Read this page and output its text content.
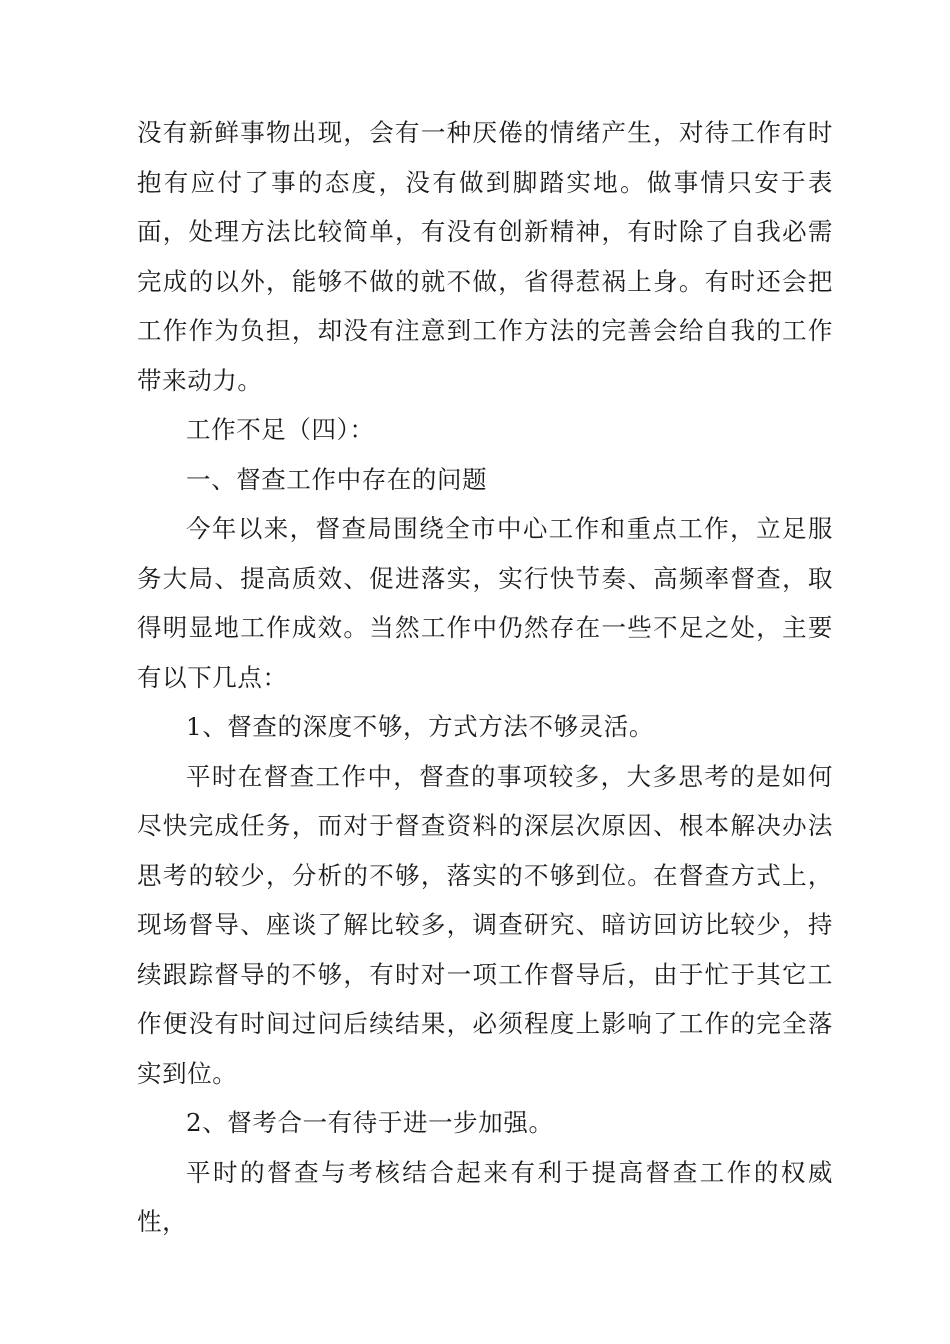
没有新鲜事物出现，会有一种厌倦的情绪产生，对待工作有时抱有应付了事的态度，没有做到脚踏实地。做事情只安于表面，处理方法比较简单，有没有创新精神，有时除了自我必需完成的以外，能够不做的就不做，省得惹祸上身。有时还会把工作作为负担，却没有注意到工作方法的完善会给自我的工作带来动力。

工作不足（四）：

一、督查工作中存在的问题

今年以来，督查局围绕全市中心工作和重点工作，立足服务大局、提高质效、促进落实，实行快节奏、高频率督查，取得明显地工作成效。当然工作中仍然存在一些不足之处，主要有以下几点：

1、督查的深度不够，方式方法不够灵活。

平时在督查工作中，督查的事项较多，大多思考的是如何尽快完成任务，而对于督查资料的深层次原因、根本解决办法思考的较少，分析的不够，落实的不够到位。在督查方式上，现场督导、座谈了解比较多，调查研究、暗访回访比较少，持续跟踪督导的不够，有时对一项工作督导后，由于忙于其它工作便没有时间过问后续结果，必须程度上影响了工作的完全落实到位。

2、督考合一有待于进一步加强。

平时的督查与考核结合起来有利于提高督查工作的权威性，
